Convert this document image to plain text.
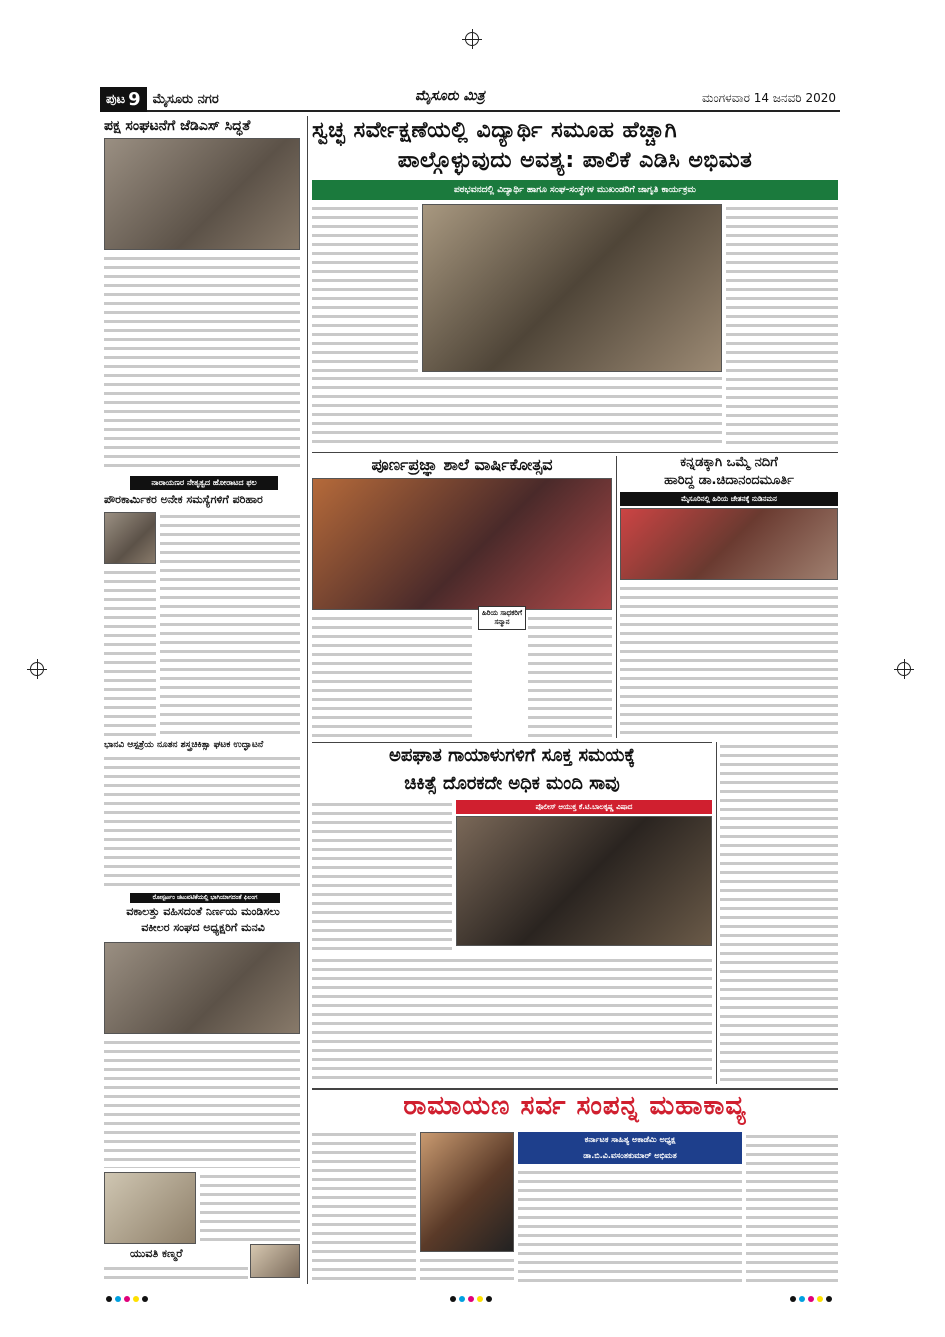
ಪುಟ 9 ಮೈಸೂರು ನಗರ	ಮೈಸೂರು ಮಿತ್ರ	ಮಂಗಳವಾರ 14 ಜನವರಿ 2020
ಪಕ್ಷ ಸಂಘಟನೆಗೆ ಜೆಡಿಎಸ್ ಸಿದ್ಧತೆ
ನಾರಾಯಣರ ನೇತೃತ್ವದ ಹೋರಾಟದ ಫಲ
ಪೌರಕಾರ್ಮಿಕರ ಅನೇಕ ಸಮಸ್ಯೆಗಳಿಗೆ ಪರಿಹಾರ
ಭಾನವಿ ಆಸ್ಪತ್ರೆಯ ನೂತನ ಶಸ್ತ್ರಚಿಕಿತ್ಸಾ ಘಟಕ ಉದ್ಘಾಟನೆ
ರೋಸ್ಟರ್ಟಂ ಚಟುವಟಿಕೆಯಲ್ಲಿ ಭಾಗಿಯಾಗದಂತೆ ಫಿಲಂಗ
ವಕಾಲತ್ತು ವಹಿಸದಂತೆ ನಿರ್ಣಯ ಮಂಡಿಸಲು
ವಕೀಲರ ಸಂಘದ ಅಧ್ಯಕ್ಷರಿಗೆ ಮನವಿ
ಯುವತಿ ಕಣ್ಮರೆ
ಸ್ವಚ್ಛ ಸರ್ವೇಕ್ಷಣೆಯಲ್ಲಿ ವಿದ್ಯಾರ್ಥಿ ಸಮೂಹ ಹೆಚ್ಚಾಗಿ
ಪಾಲ್ಗೊಳ್ಳುವುದು ಅವಶ್ಯ: ಪಾಲಿಕೆ ಎಡಿಸಿ ಅಭಿಮತ
ಪಠಭವನದಲ್ಲಿ ವಿದ್ಯಾರ್ಥಿ ಹಾಗೂ ಸಂಘ-ಸಂಸ್ಥೆಗಳ ಮುಖಂಡರಿಗೆ ಜಾಗೃತಿ ಕಾರ್ಯಕ್ರಮ
ಪೂರ್ಣಪ್ರಜ್ಞಾ ಶಾಲೆ ವಾರ್ಷಿಕೋತ್ಸವ
ಹಿರಿಯ ಸಾಧಕರಿಗೆ ಸನ್ಮಾನ
ಕನ್ನಡಕ್ಕಾಗಿ ಒಮ್ಮೆ ನದಿಗೆ
ಹಾರಿದ್ದ ಡಾ.ಚಿದಾನಂದಮೂರ್ತಿ
ಮೈಸೂರಿನಲ್ಲಿ ಹಿರಿಯ ಚೇತನಕ್ಕೆ ನುಡಿನಮನ
ಅಪಘಾತ ಗಾಯಾಳುಗಳಿಗೆ ಸೂಕ್ತ ಸಮಯಕ್ಕೆ
ಚಿಕಿತ್ಸೆ ದೊರಕದೇ ಅಧಿಕ ಮಂದಿ ಸಾವು
ಪೊಲೀಸ್ ಆಯುಕ್ತ ಕೆ.ಟಿ.ಬಾಲಕೃಷ್ಣ ವಿಷಾದ
ರಾಮಾಯಣ ಸರ್ವ ಸಂಪನ್ನ ಮಹಾಕಾವ್ಯ
ಕರ್ನಾಟಕ ಸಾಹಿತ್ಯ ಅಕಾಡೆಮಿ ಅಧ್ಯಕ್ಷ
ಡಾ.ಬಿ.ವಿ.ವಸಂತಕುಮಾರ್ ಅಭಿಮತ
